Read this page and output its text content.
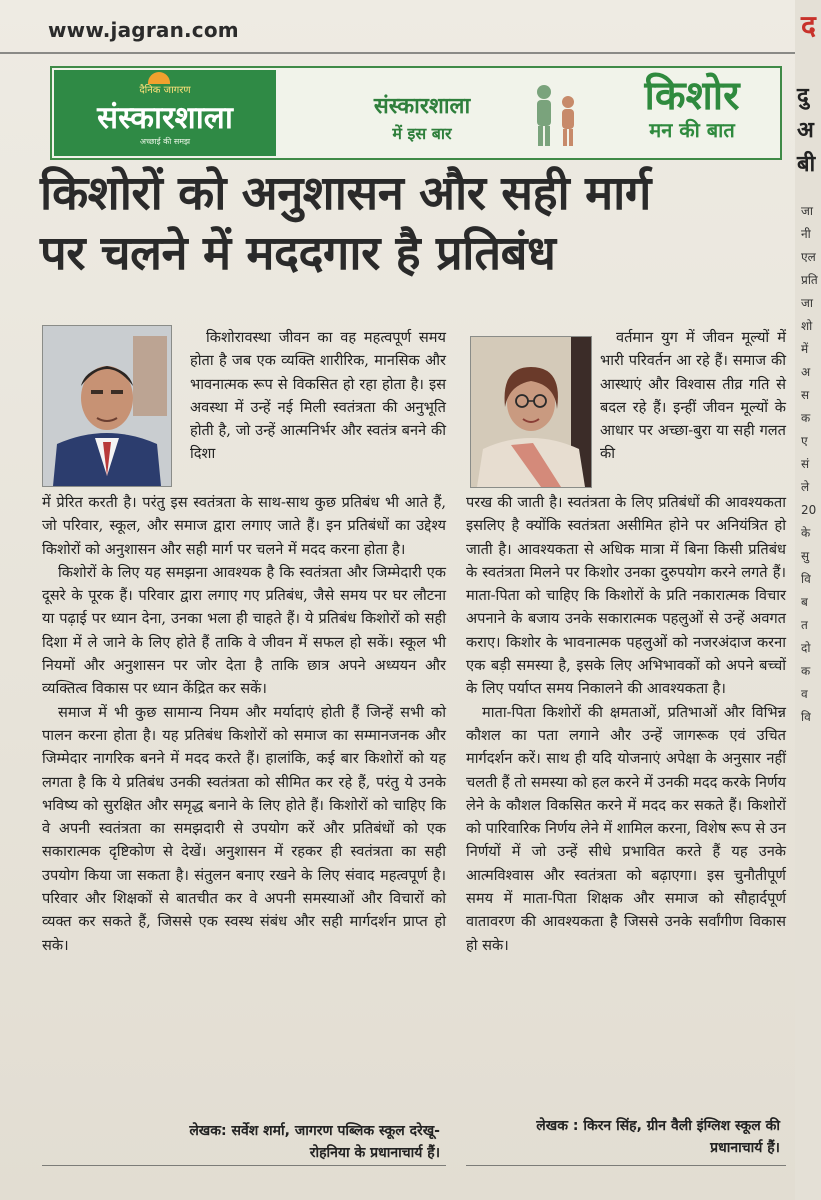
www.jagran.com
दैनिक जागरण
संस्कारशाला
अच्छाई की समझ
संस्कारशाला
में इस बार
किशोर
मन की बात
किशोरों को अनुशासन और सही मार्ग
पर चलने में मददगार है प्रतिबंध

किशोरावस्था जीवन का वह महत्वपूर्ण समय होता है जब एक व्यक्ति शारीरिक, मानसिक और भावनात्मक रूप से विकसित हो रहा होता है। इस अवस्था में उन्हें नई मिली स्वतंत्रता की अनुभूति होती है, जो उन्हें आत्मनिर्भर और स्वतंत्र बनने की दिशा

में प्रेरित करती है। परंतु इस स्वतंत्रता के साथ-साथ कुछ प्रतिबंध भी आते हैं, जो परिवार, स्कूल, और समाज द्वारा लगाए जाते हैं। इन प्रतिबंधों का उद्देश्य किशोरों को अनुशासन और सही मार्ग पर चलने में मदद करना होता है।

किशोरों के लिए यह समझना आवश्यक है कि स्वतंत्रता और जिम्मेदारी एक दूसरे के पूरक हैं। परिवार द्वारा लगाए गए प्रतिबंध, जैसे समय पर घर लौटना या पढ़ाई पर ध्यान देना, उनका भला ही चाहते हैं। ये प्रतिबंध किशोरों को सही दिशा में ले जाने के लिए होते हैं ताकि वे जीवन में सफल हो सकें। स्कूल भी नियमों और अनुशासन पर जोर देता है ताकि छात्र अपने अध्ययन और व्यक्तित्व विकास पर ध्यान केंद्रित कर सकें।

समाज में भी कुछ सामान्य नियम और मर्यादाएं होती हैं जिन्हें सभी को पालन करना होता है। यह प्रतिबंध किशोरों को समाज का सम्मानजनक और जिम्मेदार नागरिक बनने में मदद करते हैं। हालांकि, कई बार किशोरों को यह लगता है कि ये प्रतिबंध उनकी स्वतंत्रता को सीमित कर रहे हैं, परंतु ये उनके भविष्य को सुरक्षित और समृद्ध बनाने के लिए होते हैं। किशोरों को चाहिए कि वे अपनी स्वतंत्रता का समझदारी से उपयोग करें और प्रतिबंधों को एक सकारात्मक दृष्टिकोण से देखें। अनुशासन में रहकर ही स्वतंत्रता का सही उपयोग किया जा सकता है। संतुलन बनाए रखने के लिए संवाद महत्वपूर्ण है। परिवार और शिक्षकों से बातचीत कर वे अपनी समस्याओं और विचारों को व्यक्त कर सकते हैं, जिससे एक स्वस्थ संबंध और सही मार्गदर्शन प्राप्त हो सके।

वर्तमान युग में जीवन मूल्यों में भारी परिवर्तन आ रहे हैं। समाज की आस्थाएं और विश्वास तीव्र गति से बदल रहे हैं। इन्हीं जीवन मूल्यों के आधार पर अच्छा-बुरा या सही गलत की

परख की जाती है। स्वतंत्रता के लिए प्रतिबंधों की आवश्यकता इसलिए है क्योंकि स्वतंत्रता असीमित होने पर अनियंत्रित हो जाती है। आवश्यकता से अधिक मात्रा में बिना किसी प्रतिबंध के स्वतंत्रता मिलने पर किशोर उनका दुरुपयोग करने लगते हैं। माता-पिता को चाहिए कि किशोरों के प्रति नकारात्मक विचार अपनाने के बजाय उनके सकारात्मक पहलुओं से उन्हें अवगत कराए। किशोर के भावनात्मक पहलुओं को नजरअंदाज करना एक बड़ी समस्या है, इसके लिए अभिभावकों को अपने बच्चों के लिए पर्याप्त समय निकालने की आवश्यकता है।

माता-पिता किशोरों की क्षमताओं, प्रतिभाओं और विभिन्न कौशल का पता लगाने और उन्हें जागरूक एवं उचित मार्गदर्शन करें। साथ ही यदि योजनाएं अपेक्षा के अनुसार नहीं चलती हैं तो समस्या को हल करने में उनकी मदद करके निर्णय लेने के कौशल विकसित करने में मदद कर सकते हैं। किशोरों को पारिवारिक निर्णय लेने में शामिल करना, विशेष रूप से उन निर्णयों में जो उन्हें सीधे प्रभावित करते हैं यह उनके आत्मविश्वास और स्वतंत्रता को बढ़ाएगा। इस चुनौतीपूर्ण समय में माता-पिता शिक्षक और समाज को सौहार्दपूर्ण वातावरण की आवश्यकता है जिससे उनके सर्वांगीण विकास हो सके।

लेखक: सर्वेश शर्मा, जागरण पब्लिक स्कूल दरेखू-रोहनिया के प्रधानाचार्य हैं।
लेखक : किरन सिंह, ग्रीन वैली इंग्लिश स्कूल की प्रधानाचार्य हैं।
द
दु
अ
बी
जा
नी
एल
प्रति
जा
शो
में
अ
स
क
ए
सं
ले
20
के
सु
वि
ब
त
दो
क
व
वि
